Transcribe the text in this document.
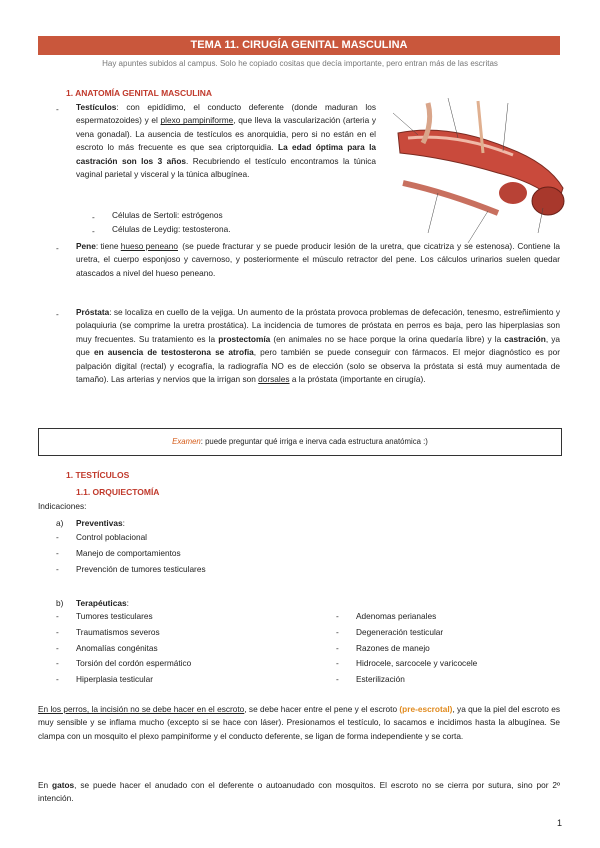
TEMA 11. CIRUGÍA GENITAL MASCULINA
Hay apuntes subidos al campus. Solo he copiado cositas que decía importante, pero entran más de las escritas
1. ANATOMÍA GENITAL MASCULINA
- Testículos: con epidídimo, el conducto deferente (donde maduran los espermatozoides) y el plexo pampiniforme, que lleva la vascularización (arteria y vena gonadal). La ausencia de testículos es anorquidia, pero si no están en el escroto lo más frecuente es que sea criptorquidia. La edad óptima para la castración son los 3 años. Recubriendo el testículo encontramos la túnica vaginal parietal y visceral y la túnica albugínea.
- Células de Sertoli: estrógenos
- Células de Leydig: testosterona.
- Pene: tiene hueso peneano (se puede fracturar y se puede producir lesión de la uretra, que cicatriza y se estenosa). Contiene la uretra, el cuerpo esponjoso y cavernoso, y posteriormente el músculo retractor del pene. Los cálculos urinarios suelen quedar atascados a nivel del hueso peneano.
- Próstata: se localiza en cuello de la vejiga. Un aumento de la próstata provoca problemas de defecación, tenesmo, estreñimiento y polaquiuria (se comprime la uretra prostática). La incidencia de tumores de próstata en perros es baja, pero las hiperplasias son muy frecuentes. Su tratamiento es la prostectomía (en animales no se hace porque la orina quedaría libre) y la castración, ya que en ausencia de testosterona se atrofia, pero también se puede conseguir con fármacos. El mejor diagnóstico es por palpación digital (rectal) y ecografía, la radiografía NO es de elección (solo se observa la próstata si está muy aumentada de tamaño). Las arterias y nervios que la irrigan son dorsales a la próstata (importante en cirugía).
Examen: puede preguntar qué irriga e inerva cada estructura anatómica :)
1. TESTÍCULOS
1.1. ORQUIECTOMÍA
Indicaciones:
a) Preventivas:
- Control poblacional
- Manejo de comportamientos
- Prevención de tumores testiculares
b) Terapéuticas:
- Tumores testiculares
- Traumatismos severos
- Anomalías congénitas
- Torsión del cordón espermático
- Hiperplasia testicular
- Adenomas perianales
- Degeneración testicular
- Razones de manejo
- Hidrocele, sarcocele y varicocele
- Esterilización
En los perros, la incisión no se debe hacer en el escroto, se debe hacer entre el pene y el escroto (pre-escrotal), ya que la piel del escroto es muy sensible y se inflama mucho (excepto si se hace con láser). Presionamos el testículo, lo sacamos e incidimos hasta la albugínea. Se clampa con un mosquito el plexo pampiniforme y el conducto deferente, se ligan de forma independiente y se corta.
En gatos, se puede hacer el anudado con el deferente o autoanudado con mosquitos. El escroto no se cierra por sutura, sino por 2º intención.
1
